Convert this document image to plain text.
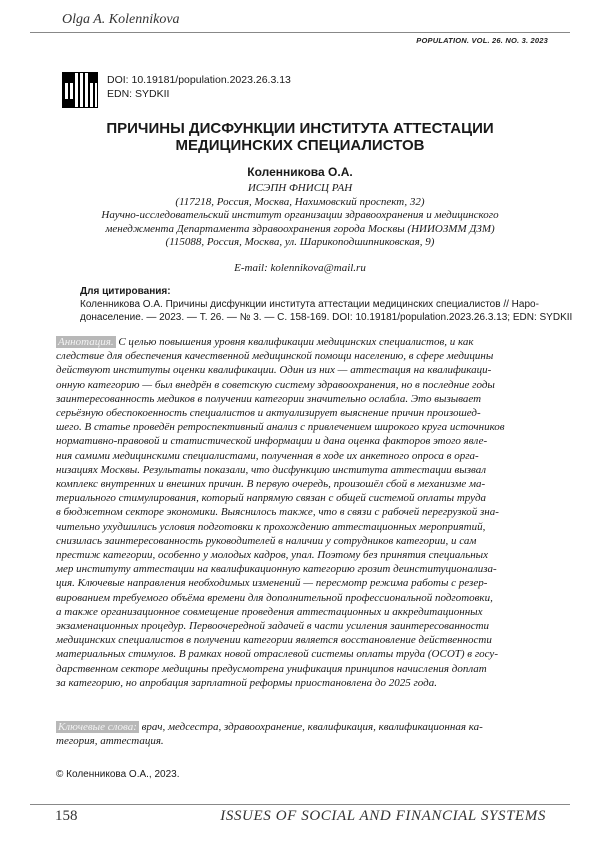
Olga A. Kolennikova
POPULATION. VOL. 26. NO. 3. 2023
DOI: 10.19181/population.2023.26.3.13
EDN: SYDKII
ПРИЧИНЫ ДИСФУНКЦИИ ИНСТИТУТА АТТЕСТАЦИИ
МЕДИЦИНСКИХ СПЕЦИАЛИСТОВ
Коленникова О.А.
ИСЭПН ФНИСЦ РАН
(117218, Россия, Москва, Нахимовский проспект, 32)
Научно-исследовательский институт организации здравоохранения и медицинского
менеджмента Департамента здравоохранения города Москвы (НИИОЗММ ДЗМ)
(115088, Россия, Москва, ул. Шарикоподшипниковская, 9)
E-mail: kolennikova@mail.ru
Для цитирования:
Коленникова О.А. Причины дисфункции института аттестации медицинских специалистов // Наро-
донаселение. — 2023. — Т. 26. — № 3. — С. 158-169. DOI: 10.19181/population.2023.26.3.13; EDN: SYDKII
Аннотация. С целью повышения уровня квалификации медицинских специалистов, и как
следствие для обеспечения качественной медицинской помощи населению, в сфере медицины
действуют институты оценки квалификации. Один из них — аттестация на квалификаци-
онную категорию — был внедрён в советскую систему здравоохранения, но в последние годы
заинтересованность медиков в получении категории значительно ослабла. Это вызывает
серьёзную обеспокоенность специалистов и актуализирует выяснение причин произошед-
шего. В статье проведён ретроспективный анализ с привлечением широкого круга источников
нормативно-правовой и статистической информации и дана оценка факторов этого явле-
ния самими медицинскими специалистами, полученная в ходе их анкетного опроса в орга-
низациях Москвы. Результаты показали, что дисфункцию института аттестации вызвал
комплекс внутренних и внешних причин. В первую очередь, произошёл сбой в механизме ма-
териального стимулирования, который напрямую связан с общей системой оплаты труда
в бюджетном секторе экономики. Выяснилось также, что в связи с рабочей перегрузкой зна-
чительно ухудшились условия подготовки к прохождению аттестационных мероприятий,
снизилась заинтересованность руководителей в наличии у сотрудников категории, и сам
престиж категории, особенно у молодых кадров, упал. Поэтому без принятия специальных
мер институту аттестации на квалификационную категорию грозит деинституционализа-
ция. Ключевые направления необходимых изменений — пересмотр режима работы с резер-
вированием требуемого объёма времени для дополнительной профессиональной подготовки,
а также организационное совмещение проведения аттестационных и аккредитационных
экзаменационных процедур. Первоочередной задачей в части усиления заинтересованности
медицинских специалистов в получении категории является восстановление действенности
материальных стимулов. В рамках новой отраслевой системы оплаты труда (ОСОТ) в госу-
дарственном секторе медицины предусмотрена унификация принципов начисления доплат
за категорию, но апробация зарплатной реформы приостановлена до 2025 года.
Ключевые слова: врач, медсестра, здравоохранение, квалификация, квалификационная ка-
тегория, аттестация.
© Коленникова О.А., 2023.
158	ISSUES OF SOCIAL AND FINANCIAL SYSTEMS
